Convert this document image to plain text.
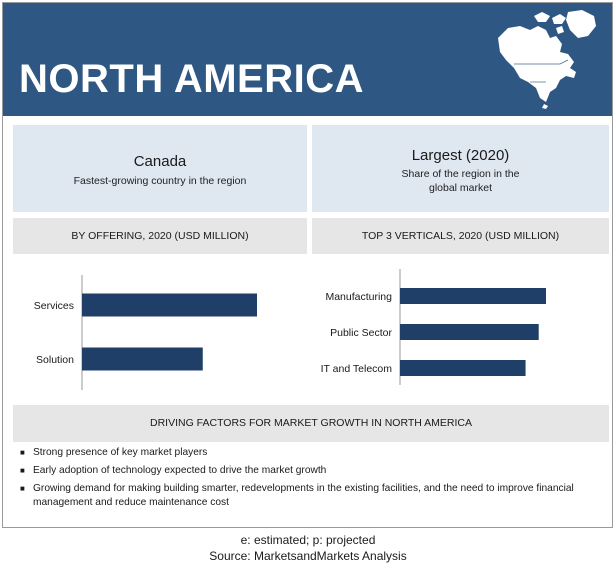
NORTH AMERICA
Canada
Fastest-growing country in the region
Largest (2020)
Share of the region in the global market
BY OFFERING, 2020 (USD MILLION)	TOP 3 VERTICALS, 2020 (USD MILLION)
Services
Solution
Manufacturing
Public Sector
IT and Telecom
DRIVING FACTORS FOR MARKET GROWTH IN NORTH AMERICA
■ Strong presence of key market players
■ Early adoption of technology expected to drive the market growth
■ Growing demand for making building smarter, redevelopments in the existing facilities, and the need to improve financial management and reduce maintenance cost
e: estimated; p: projected
Source: MarketsandMarkets Analysis
